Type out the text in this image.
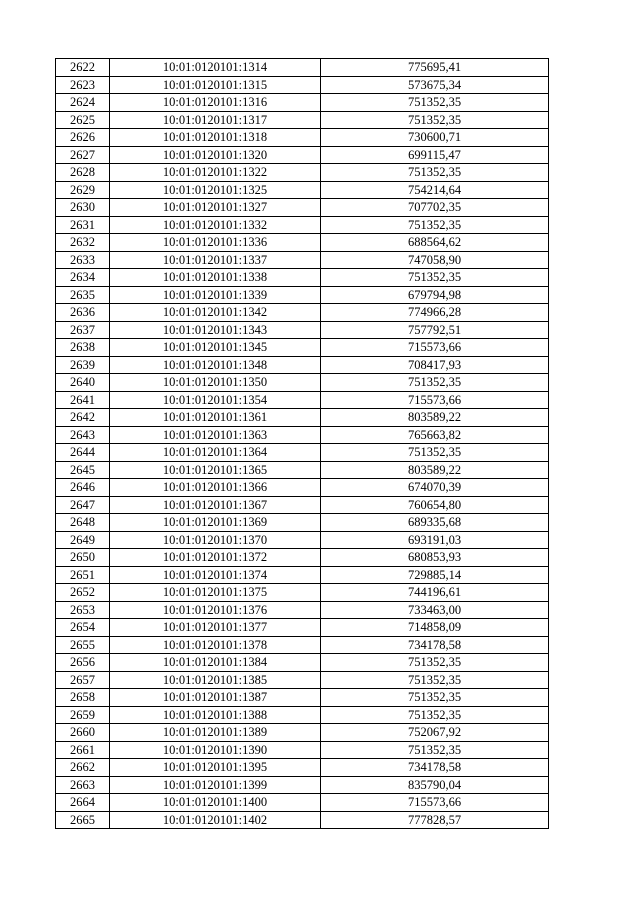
2622	10:01:0120101:1314	775695,41
2623	10:01:0120101:1315	573675,34
2624	10:01:0120101:1316	751352,35
2625	10:01:0120101:1317	751352,35
2626	10:01:0120101:1318	730600,71
2627	10:01:0120101:1320	699115,47
2628	10:01:0120101:1322	751352,35
2629	10:01:0120101:1325	754214,64
2630	10:01:0120101:1327	707702,35
2631	10:01:0120101:1332	751352,35
2632	10:01:0120101:1336	688564,62
2633	10:01:0120101:1337	747058,90
2634	10:01:0120101:1338	751352,35
2635	10:01:0120101:1339	679794,98
2636	10:01:0120101:1342	774966,28
2637	10:01:0120101:1343	757792,51
2638	10:01:0120101:1345	715573,66
2639	10:01:0120101:1348	708417,93
2640	10:01:0120101:1350	751352,35
2641	10:01:0120101:1354	715573,66
2642	10:01:0120101:1361	803589,22
2643	10:01:0120101:1363	765663,82
2644	10:01:0120101:1364	751352,35
2645	10:01:0120101:1365	803589,22
2646	10:01:0120101:1366	674070,39
2647	10:01:0120101:1367	760654,80
2648	10:01:0120101:1369	689335,68
2649	10:01:0120101:1370	693191,03
2650	10:01:0120101:1372	680853,93
2651	10:01:0120101:1374	729885,14
2652	10:01:0120101:1375	744196,61
2653	10:01:0120101:1376	733463,00
2654	10:01:0120101:1377	714858,09
2655	10:01:0120101:1378	734178,58
2656	10:01:0120101:1384	751352,35
2657	10:01:0120101:1385	751352,35
2658	10:01:0120101:1387	751352,35
2659	10:01:0120101:1388	751352,35
2660	10:01:0120101:1389	752067,92
2661	10:01:0120101:1390	751352,35
2662	10:01:0120101:1395	734178,58
2663	10:01:0120101:1399	835790,04
2664	10:01:0120101:1400	715573,66
2665	10:01:0120101:1402	777828,57
